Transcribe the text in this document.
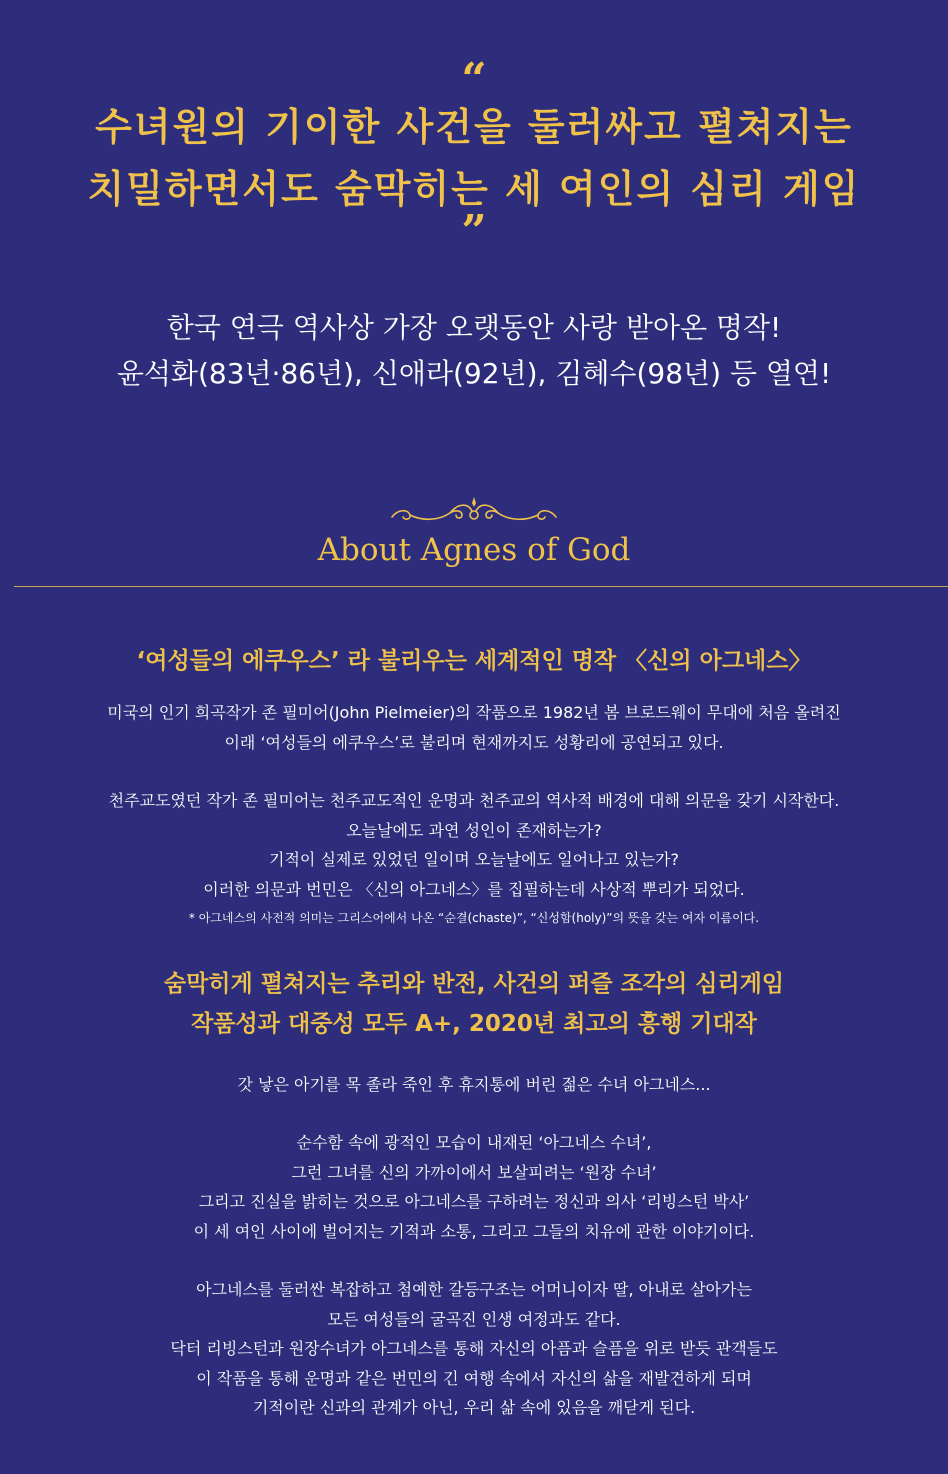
“
수녀원의 기이한 사건을 둘러싸고 펼쳐지는
치밀하면서도 숨막히는 세 여인의 심리 게임
”
한국 연극 역사상 가장 오랫동안 사랑 받아온 명작!
윤석화(83년·86년), 신애라(92년), 김혜수(98년) 등 열연!
About Agnes of God
‘여성들의 에쿠우스’ 라 불리우는 세계적인 명작 〈신의 아그네스〉
미국의 인기 희곡작가 존 필미어(John Pielmeier)의 작품으로 1982년 봄 브로드웨이 무대에 처음 올려진
이래 ‘여성들의 에쿠우스’로 불리며 현재까지도 성황리에 공연되고 있다.
천주교도였던 작가 존 필미어는 천주교도적인 운명과 천주교의 역사적 배경에 대해 의문을 갖기 시작한다.
오늘날에도 과연 성인이 존재하는가?
기적이 실제로 있었던 일이며 오늘날에도 일어나고 있는가?
이러한 의문과 번민은 〈신의 아그네스〉를 집필하는데 사상적 뿌리가 되었다.
* 아그네스의 사전적 의미는 그리스어에서 나온 “순결(chaste)”, “신성함(holy)”의 뜻을 갖는 여자 이름이다.
숨막히게 펼쳐지는 추리와 반전, 사건의 퍼즐 조각의 심리게임
작품성과 대중성 모두 A+, 2020년 최고의 흥행 기대작
갓 낳은 아기를 목 졸라 죽인 후 휴지통에 버린 젊은 수녀 아그네스...
순수함 속에 광적인 모습이 내재된 ‘아그네스 수녀’,
그런 그녀를 신의 가까이에서 보살피려는 ‘원장 수녀’
그리고 진실을 밝히는 것으로 아그네스를 구하려는 정신과 의사 ‘리빙스턴 박사’
이 세 여인 사이에 벌어지는 기적과 소통, 그리고 그들의 치유에 관한 이야기이다.
아그네스를 둘러싼 복잡하고 첨예한 갈등구조는 어머니이자 딸, 아내로 살아가는
모든 여성들의 굴곡진 인생 여정과도 같다.
닥터 리빙스턴과 원장수녀가 아그네스를 통해 자신의 아픔과 슬픔을 위로 받듯 관객들도
이 작품을 통해 운명과 같은 번민의 긴 여행 속에서 자신의 삶을 재발견하게 되며
기적이란 신과의 관계가 아닌, 우리 삶 속에 있음을 깨닫게 된다.
